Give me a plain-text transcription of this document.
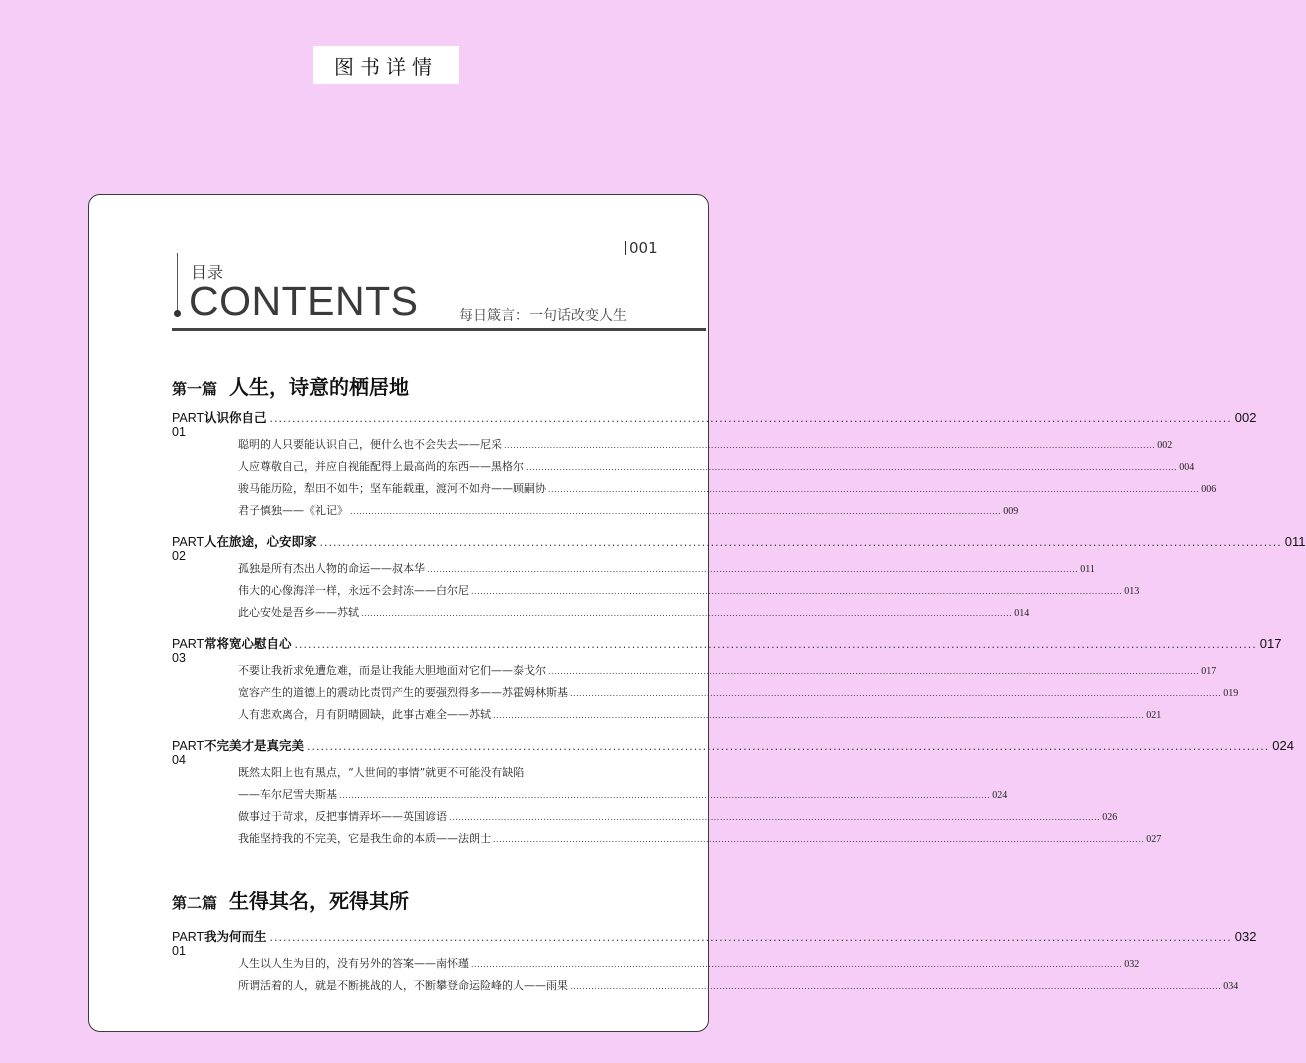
图书详情
001
目录
CONTENTS	每日箴言：一句话改变人生
第一篇 人生，诗意的栖居地
PART 01
认识你自己 ...................................................................................................................................................................................................................... 002
聪明的人只要能认识自己，便什么也不会失去——尼采 ...................................................................................................................................................................................................................... 002
人应尊敬自己，并应自视能配得上最高尚的东西——黑格尔 ...................................................................................................................................................................................................................... 004
骏马能历险，犁田不如牛；坚车能载重，渡河不如舟——顾嗣协 ...................................................................................................................................................................................................................... 006
君子慎独——《礼记》 ...................................................................................................................................................................................................................... 009
PART 02
人在旅途，心安即家 ...................................................................................................................................................................................................................... 011
孤独是所有杰出人物的命运——叔本华 ...................................................................................................................................................................................................................... 011
伟大的心像海洋一样，永远不会封冻——白尔尼 ...................................................................................................................................................................................................................... 013
此心安处是吾乡——苏轼 ...................................................................................................................................................................................................................... 014
PART 03
常将宽心慰自心 ...................................................................................................................................................................................................................... 017
不要让我祈求免遭危难，而是让我能大胆地面对它们——泰戈尔 ...................................................................................................................................................................................................................... 017
宽容产生的道德上的震动比责罚产生的要强烈得多——苏霍姆林斯基 ...................................................................................................................................................................................................................... 019
人有悲欢离合，月有阴晴圆缺，此事古难全——苏轼 ...................................................................................................................................................................................................................... 021
PART 04
不完美才是真完美 ...................................................................................................................................................................................................................... 024
既然太阳上也有黑点，“人世间的事情”就更不可能没有缺陷
——车尔尼雪夫斯基 ...................................................................................................................................................................................................................... 024
做事过于苛求，反把事情弄坏——英国谚语 ...................................................................................................................................................................................................................... 026
我能坚持我的不完美，它是我生命的本质——法朗士 ...................................................................................................................................................................................................................... 027
第二篇 生得其名，死得其所
PART 01
我为何而生 ...................................................................................................................................................................................................................... 032
人生以人生为目的，没有另外的答案——南怀瑾 ...................................................................................................................................................................................................................... 032
所谓活着的人，就是不断挑战的人，不断攀登命运险峰的人——雨果 ...................................................................................................................................................................................................................... 034
